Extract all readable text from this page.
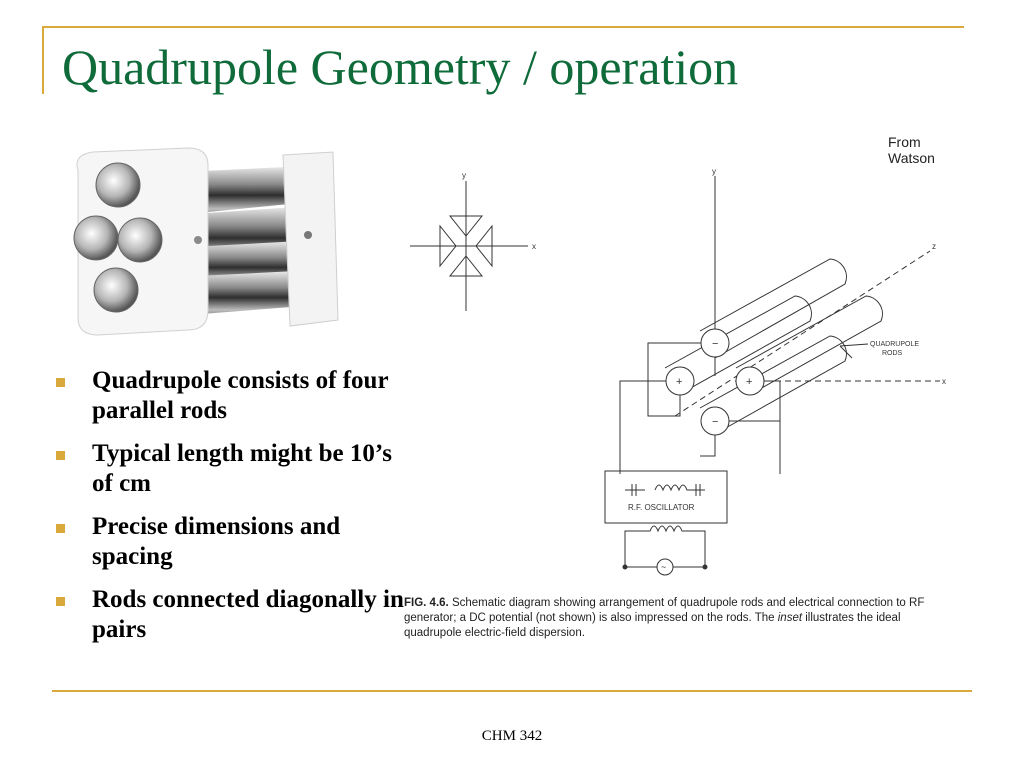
Quadrupole Geometry / operation
Quadrupole consists of four parallel rods
Typical length might be 10’s of cm
Precise dimensions and spacing
Rods connected diagonally in pairs

From Watson

y
x
y
z
x
−
+	+
−
QUADRUPOLE
RODS
R.F. OSCILLATOR
~

FIG. 4.6. Schematic diagram showing arrangement of quadrupole rods and electrical connection to RF generator; a DC potential (not shown) is also impressed on the rods. The inset illustrates the ideal quadrupole electric-field dispersion.

CHM 342
